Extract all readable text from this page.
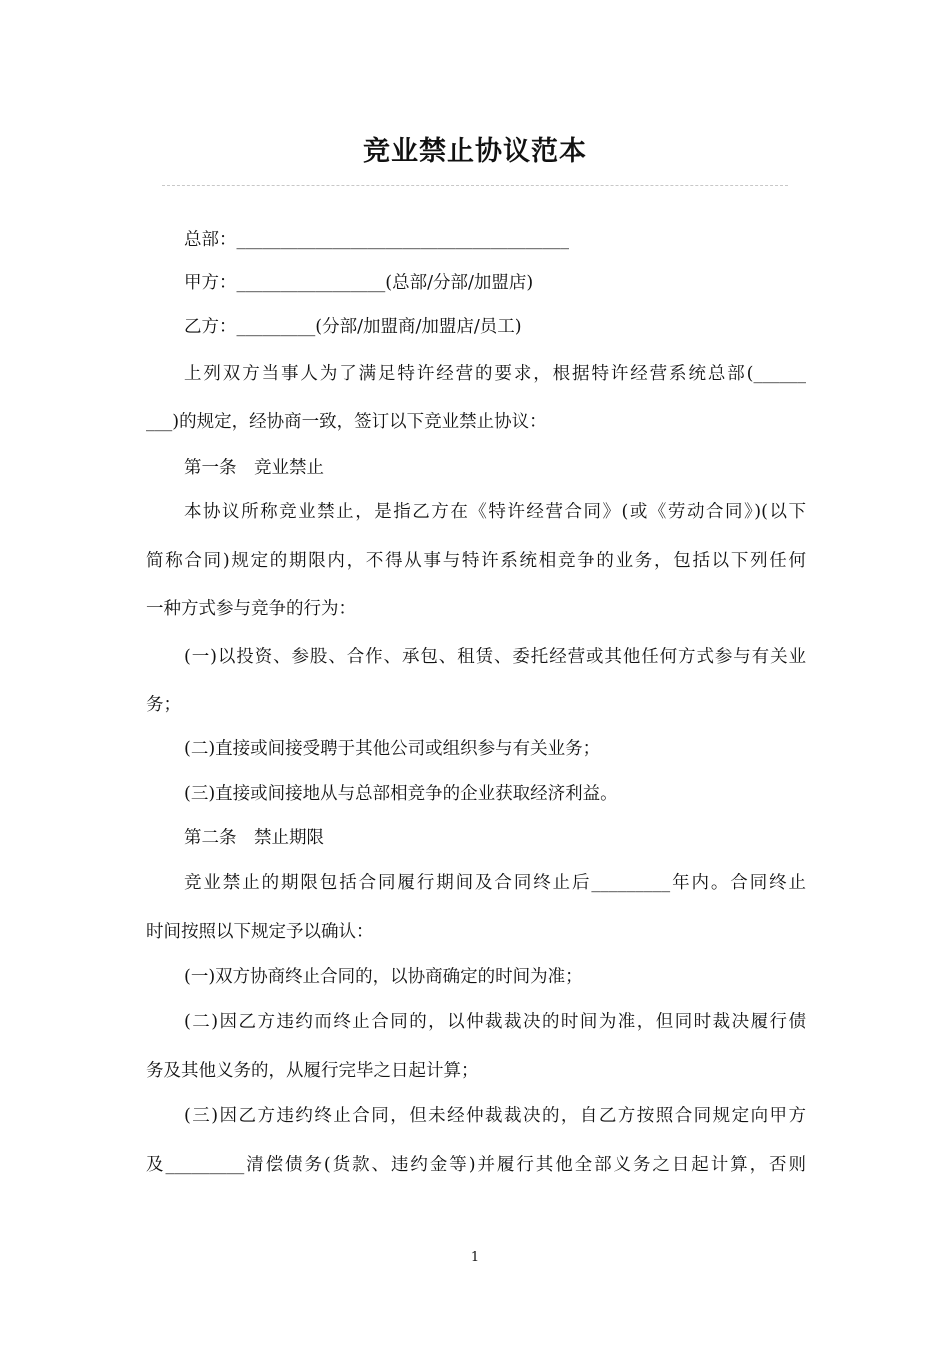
竞业禁止协议范本
总部：______________________________________
甲方：_________________(总部/分部/加盟店)
乙方：_________(分部/加盟商/加盟店/员工)
上列双方当事人为了满足特许经营的要求，根据特许经营系统总部(______
___)的规定，经协商一致，签订以下竞业禁止协议：
第一条　竞业禁止
本协议所称竞业禁止，是指乙方在《特许经营合同》(或《劳动合同》)(以下
简称合同)规定的期限内，不得从事与特许系统相竞争的业务，包括以下列任何
一种方式参与竞争的行为：
(一)以投资、参股、合作、承包、租赁、委托经营或其他任何方式参与有关业
务；
(二)直接或间接受聘于其他公司或组织参与有关业务；
(三)直接或间接地从与总部相竞争的企业获取经济利益。
第二条　禁止期限
竞业禁止的期限包括合同履行期间及合同终止后_________年内。合同终止
时间按照以下规定予以确认：
(一)双方协商终止合同的，以协商确定的时间为准；
(二)因乙方违约而终止合同的，以仲裁裁决的时间为准，但同时裁决履行债
务及其他义务的，从履行完毕之日起计算；
(三)因乙方违约终止合同，但未经仲裁裁决的，自乙方按照合同规定向甲方
及_________清偿债务(货款、违约金等)并履行其他全部义务之日起计算，否则
1
